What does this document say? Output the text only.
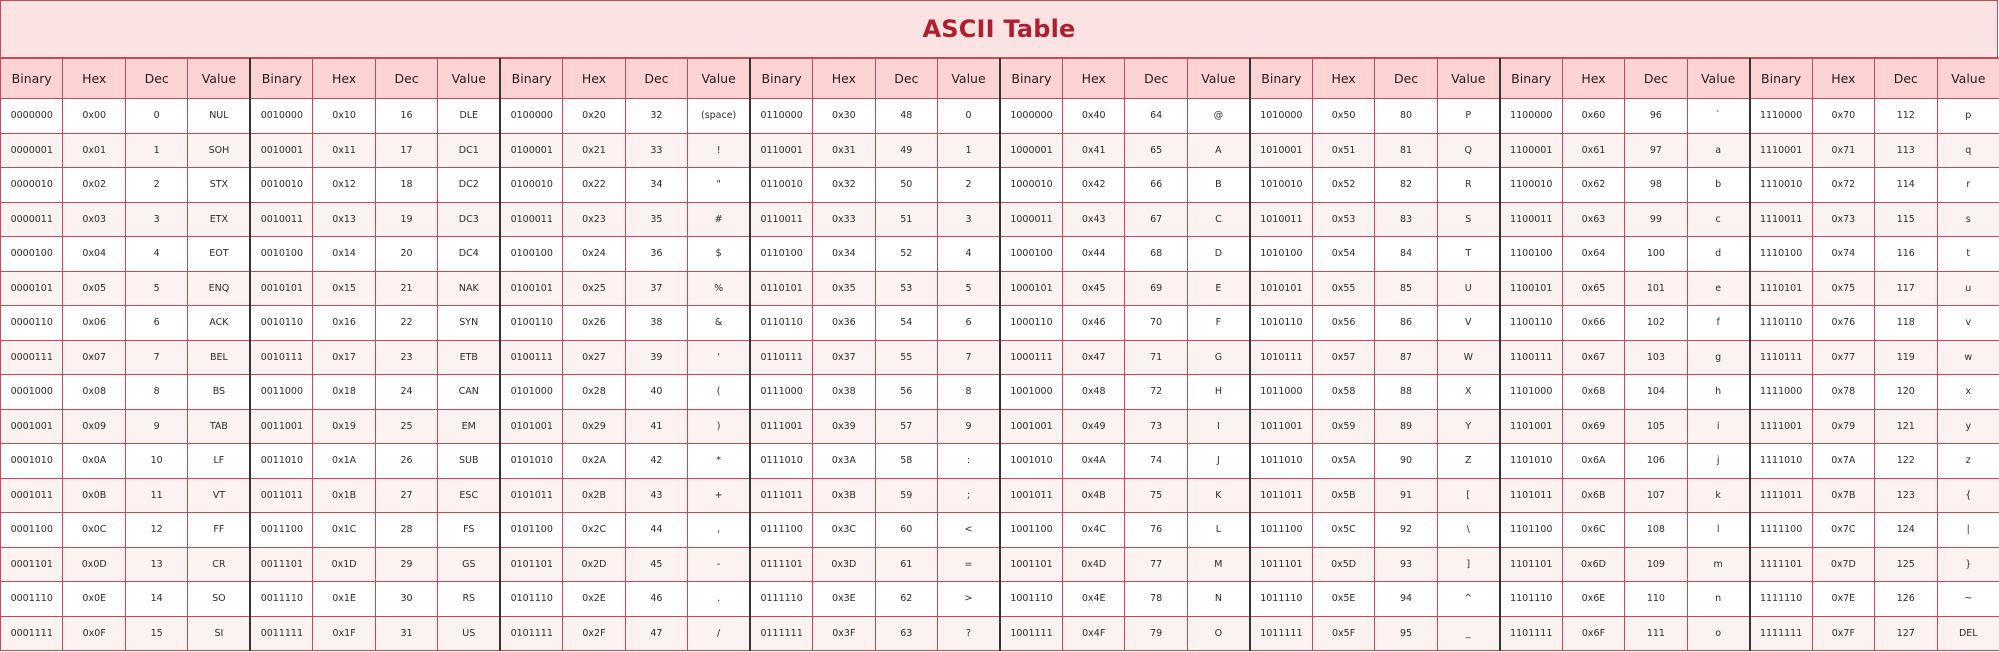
ASCII Table
Binary	Hex	Dec	Value	Binary	Hex	Dec	Value	Binary	Hex	Dec	Value	Binary	Hex	Dec	Value	Binary	Hex	Dec	Value	Binary	Hex	Dec	Value	Binary	Hex	Dec	Value	Binary	Hex	Dec	Value
0000000	0x00	0	NUL	0010000	0x10	16	DLE	0100000	0x20	32	(space)	0110000	0x30	48	0	1000000	0x40	64	@	1010000	0x50	80	P	1100000	0x60	96	`	1110000	0x70	112	p
0000001	0x01	1	SOH	0010001	0x11	17	DC1	0100001	0x21	33	!	0110001	0x31	49	1	1000001	0x41	65	A	1010001	0x51	81	Q	1100001	0x61	97	a	1110001	0x71	113	q
0000010	0x02	2	STX	0010010	0x12	18	DC2	0100010	0x22	34	"	0110010	0x32	50	2	1000010	0x42	66	B	1010010	0x52	82	R	1100010	0x62	98	b	1110010	0x72	114	r
0000011	0x03	3	ETX	0010011	0x13	19	DC3	0100011	0x23	35	#	0110011	0x33	51	3	1000011	0x43	67	C	1010011	0x53	83	S	1100011	0x63	99	c	1110011	0x73	115	s
0000100	0x04	4	EOT	0010100	0x14	20	DC4	0100100	0x24	36	$	0110100	0x34	52	4	1000100	0x44	68	D	1010100	0x54	84	T	1100100	0x64	100	d	1110100	0x74	116	t
0000101	0x05	5	ENQ	0010101	0x15	21	NAK	0100101	0x25	37	%	0110101	0x35	53	5	1000101	0x45	69	E	1010101	0x55	85	U	1100101	0x65	101	e	1110101	0x75	117	u
0000110	0x06	6	ACK	0010110	0x16	22	SYN	0100110	0x26	38	&	0110110	0x36	54	6	1000110	0x46	70	F	1010110	0x56	86	V	1100110	0x66	102	f	1110110	0x76	118	v
0000111	0x07	7	BEL	0010111	0x17	23	ETB	0100111	0x27	39	'	0110111	0x37	55	7	1000111	0x47	71	G	1010111	0x57	87	W	1100111	0x67	103	g	1110111	0x77	119	w
0001000	0x08	8	BS	0011000	0x18	24	CAN	0101000	0x28	40	(	0111000	0x38	56	8	1001000	0x48	72	H	1011000	0x58	88	X	1101000	0x68	104	h	1111000	0x78	120	x
0001001	0x09	9	TAB	0011001	0x19	25	EM	0101001	0x29	41	)	0111001	0x39	57	9	1001001	0x49	73	I	1011001	0x59	89	Y	1101001	0x69	105	i	1111001	0x79	121	y
0001010	0x0A	10	LF	0011010	0x1A	26	SUB	0101010	0x2A	42	*	0111010	0x3A	58	:	1001010	0x4A	74	J	1011010	0x5A	90	Z	1101010	0x6A	106	j	1111010	0x7A	122	z
0001011	0x0B	11	VT	0011011	0x1B	27	ESC	0101011	0x2B	43	+	0111011	0x3B	59	;	1001011	0x4B	75	K	1011011	0x5B	91	[	1101011	0x6B	107	k	1111011	0x7B	123	{
0001100	0x0C	12	FF	0011100	0x1C	28	FS	0101100	0x2C	44	,	0111100	0x3C	60	<	1001100	0x4C	76	L	1011100	0x5C	92	\	1101100	0x6C	108	l	1111100	0x7C	124	|
0001101	0x0D	13	CR	0011101	0x1D	29	GS	0101101	0x2D	45	-	0111101	0x3D	61	=	1001101	0x4D	77	M	1011101	0x5D	93	]	1101101	0x6D	109	m	1111101	0x7D	125	}
0001110	0x0E	14	SO	0011110	0x1E	30	RS	0101110	0x2E	46	.	0111110	0x3E	62	>	1001110	0x4E	78	N	1011110	0x5E	94	^	1101110	0x6E	110	n	1111110	0x7E	126	~
0001111	0x0F	15	SI	0011111	0x1F	31	US	0101111	0x2F	47	/	0111111	0x3F	63	?	1001111	0x4F	79	O	1011111	0x5F	95	_	1101111	0x6F	111	o	1111111	0x7F	127	DEL
